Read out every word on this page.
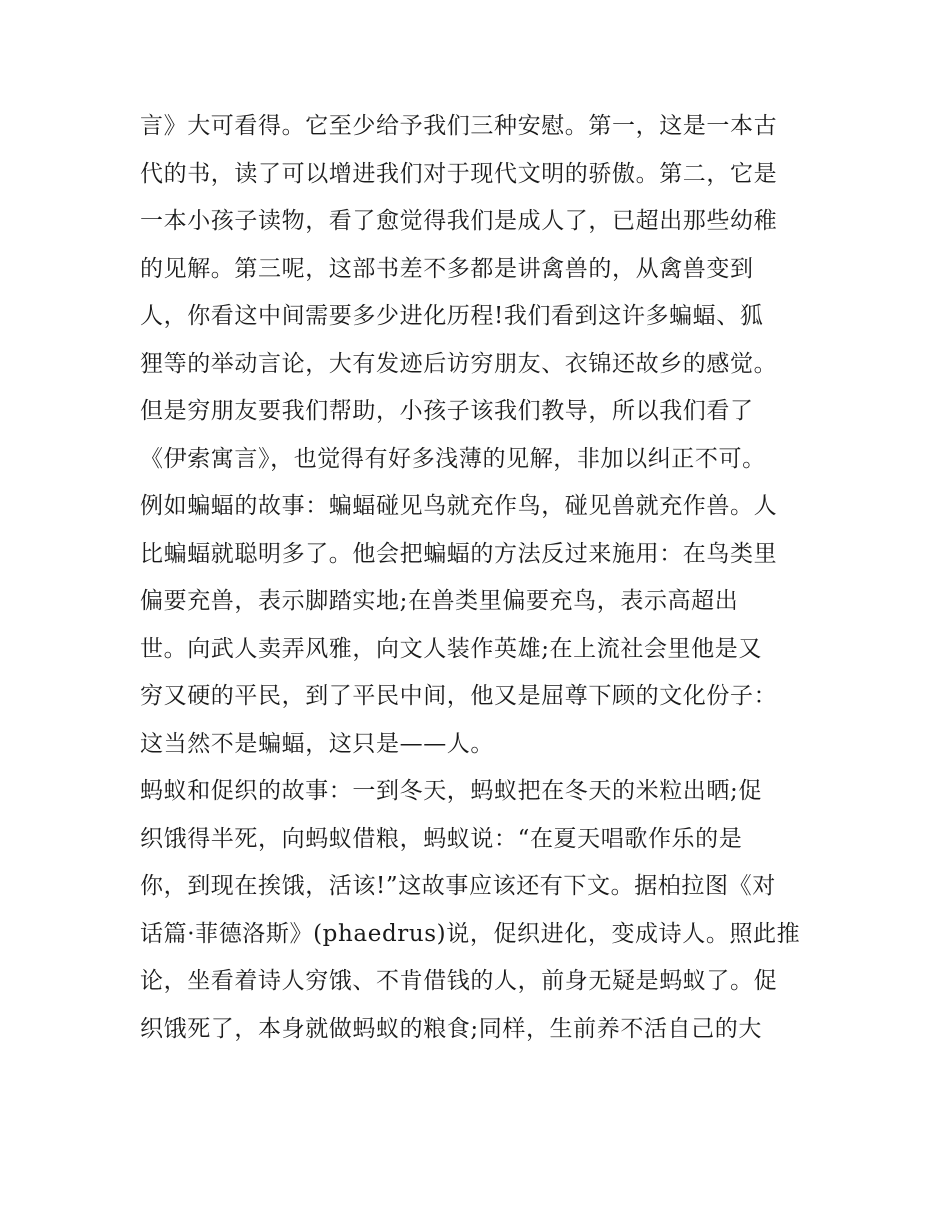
言》大可看得。它至少给予我们三种安慰。第一，这是一本古
代的书，读了可以增进我们对于现代文明的骄傲。第二，它是
一本小孩子读物，看了愈觉得我们是成人了，已超出那些幼稚
的见解。第三呢，这部书差不多都是讲禽兽的，从禽兽变到
人，你看这中间需要多少进化历程!我们看到这许多蝙蝠、狐
狸等的举动言论，大有发迹后访穷朋友、衣锦还故乡的感觉。
但是穷朋友要我们帮助，小孩子该我们教导，所以我们看了
《伊索寓言》，也觉得有好多浅薄的见解，非加以纠正不可。
例如蝙蝠的故事：蝙蝠碰见鸟就充作鸟，碰见兽就充作兽。人
比蝙蝠就聪明多了。他会把蝙蝠的方法反过来施用：在鸟类里
偏要充兽，表示脚踏实地;在兽类里偏要充鸟，表示高超出
世。向武人卖弄风雅，向文人装作英雄;在上流社会里他是又
穷又硬的平民，到了平民中间，他又是屈尊下顾的文化份子：
这当然不是蝙蝠，这只是——人。
蚂蚁和促织的故事：一到冬天，蚂蚁把在冬天的米粒出晒;促
织饿得半死，向蚂蚁借粮，蚂蚁说：“在夏天唱歌作乐的是
你，到现在挨饿，活该!”这故事应该还有下文。据柏拉图《对
话篇·菲德洛斯》(phaedrus)说，促织进化，变成诗人。照此推
论，坐看着诗人穷饿、不肯借钱的人，前身无疑是蚂蚁了。促
织饿死了，本身就做蚂蚁的粮食;同样，生前养不活自己的大
